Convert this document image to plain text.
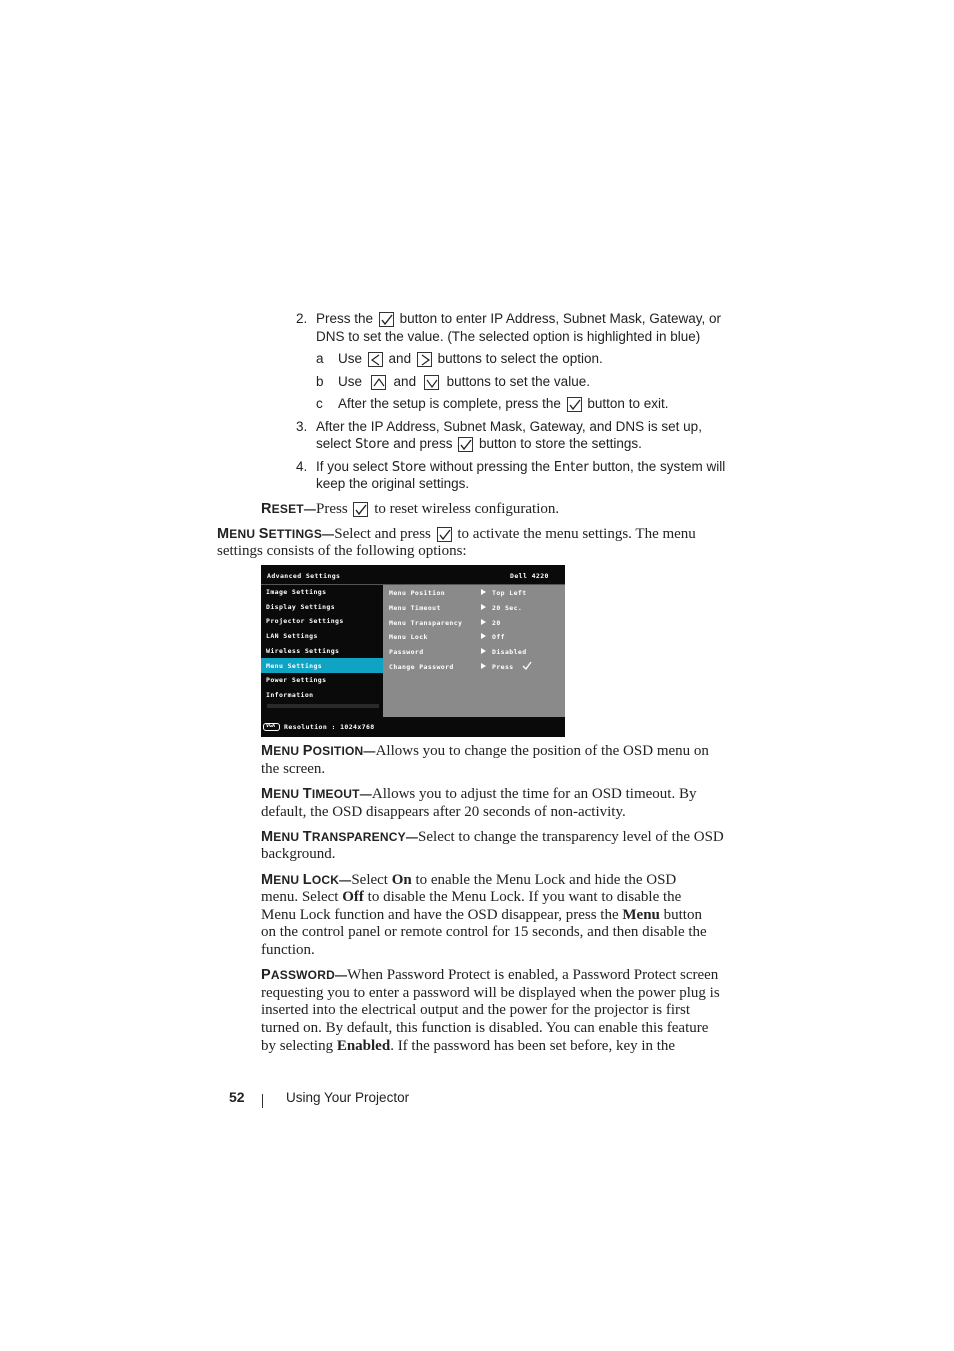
2. Press the button to enter IP Address, Subnet Mask, Gateway, or
DNS to set the value. (The selected option is highlighted in blue)
a Use and buttons to select the option.
b Use and buttons to set the value.
c After the setup is complete, press the button to exit.
3. After the IP Address, Subnet Mask, Gateway, and DNS is set up,
select Store and press button to store the settings.
4. If you select Store without pressing the Enter button, the system will
keep the original settings.
RESET—Press to reset wireless configuration.
MENU SETTINGS—Select and press to activate the menu settings. The menu
settings consists of the following options:
Advanced Settings	Dell 4220
Image Settings
Display Settings
Projector Settings
LAN Settings
Wireless Settings
Menu Settings
Power Settings
Information
Menu Position	Top Left
Menu Timeout	20 Sec.
Menu Transparency	20
Menu Lock	Off
Password	Disabled
Change Password	Press
VGA Resolution : 1024x768
MENU POSITION—Allows you to change the position of the OSD menu on
the screen.
MENU TIMEOUT—Allows you to adjust the time for an OSD timeout. By
default, the OSD disappears after 20 seconds of non-activity.
MENU TRANSPARENCY—Select to change the transparency level of the OSD
background.
MENU LOCK—Select On to enable the Menu Lock and hide the OSD
menu. Select Off to disable the Menu Lock. If you want to disable the
Menu Lock function and have the OSD disappear, press the Menu button
on the control panel or remote control for 15 seconds, and then disable the
function.
PASSWORD—When Password Protect is enabled, a Password Protect screen
requesting you to enter a password will be displayed when the power plug is
inserted into the electrical output and the power for the projector is first
turned on. By default, this function is disabled. You can enable this feature
by selecting Enabled. If the password has been set before, key in the
52	Using Your Projector
